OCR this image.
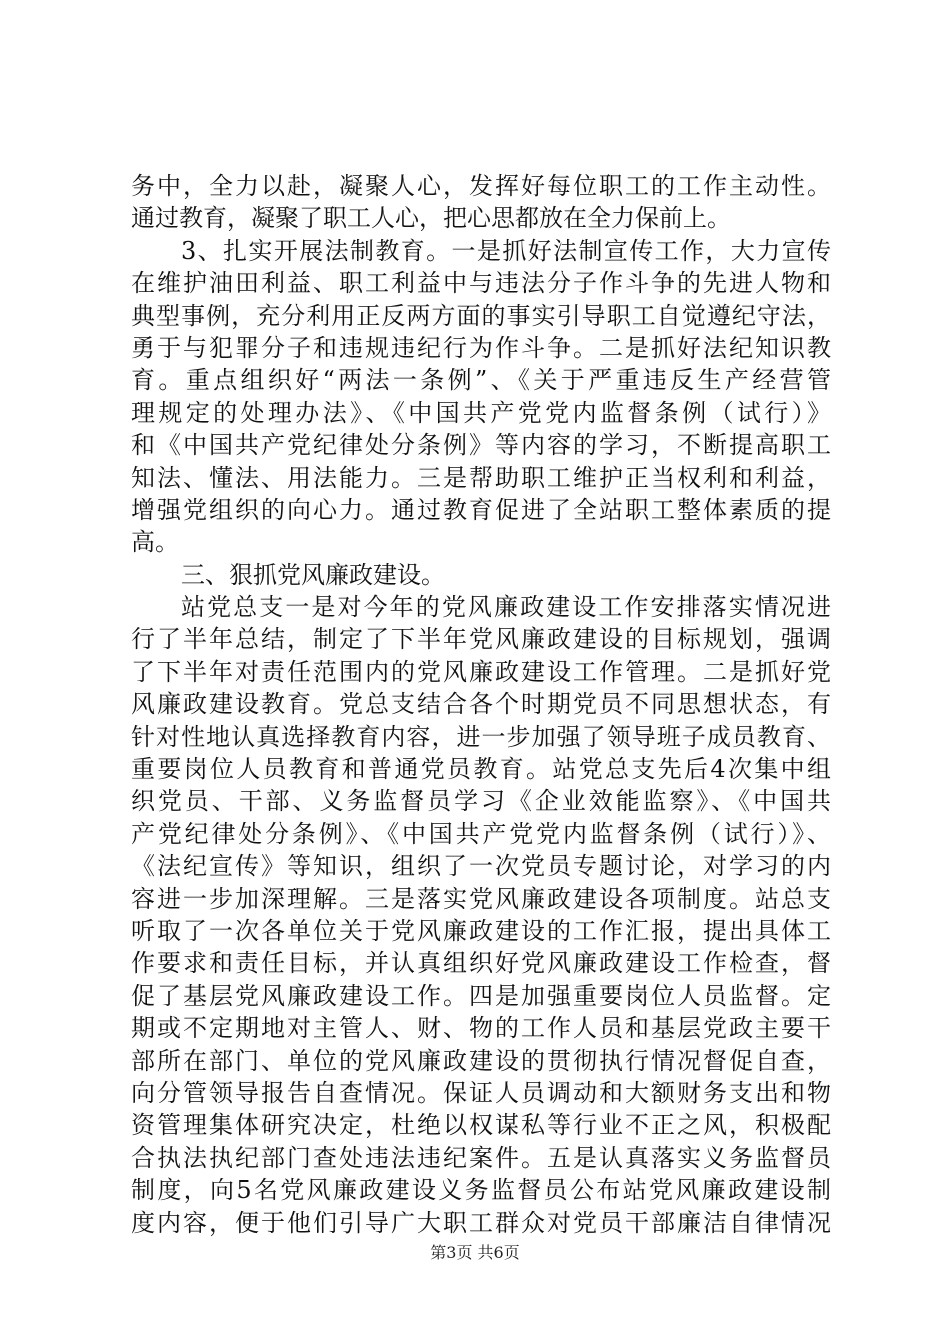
务中，全力以赴，凝聚人心，发挥好每位职工的工作主动性。
通过教育，凝聚了职工人心，把心思都放在全力保前上。
3、扎实开展法制教育。一是抓好法制宣传工作，大力宣传
在维护油田利益、职工利益中与违法分子作斗争的先进人物和
典型事例，充分利用正反两方面的事实引导职工自觉遵纪守法，
勇于与犯罪分子和违规违纪行为作斗争。二是抓好法纪知识教
育。重点组织好“两法一条例”、《关于严重违反生产经营管
理规定的处理办法》、《中国共产党党内监督条例（试行）》
和《中国共产党纪律处分条例》等内容的学习，不断提高职工
知法、懂法、用法能力。三是帮助职工维护正当权利和利益，
增强党组织的向心力。通过教育促进了全站职工整体素质的提
高。
三、狠抓党风廉政建设。
站党总支一是对今年的党风廉政建设工作安排落实情况进
行了半年总结，制定了下半年党风廉政建设的目标规划，强调
了下半年对责任范围内的党风廉政建设工作管理。二是抓好党
风廉政建设教育。党总支结合各个时期党员不同思想状态，有
针对性地认真选择教育内容，进一步加强了领导班子成员教育、
重要岗位人员教育和普通党员教育。站党总支先后4次集中组
织党员、干部、义务监督员学习《企业效能监察》、《中国共
产党纪律处分条例》、《中国共产党党内监督条例（试行）》、
《法纪宣传》等知识，组织了一次党员专题讨论，对学习的内
容进一步加深理解。三是落实党风廉政建设各项制度。站总支
听取了一次各单位关于党风廉政建设的工作汇报，提出具体工
作要求和责任目标，并认真组织好党风廉政建设工作检查，督
促了基层党风廉政建设工作。四是加强重要岗位人员监督。定
期或不定期地对主管人、财、物的工作人员和基层党政主要干
部所在部门、单位的党风廉政建设的贯彻执行情况督促自查，
向分管领导报告自查情况。保证人员调动和大额财务支出和物
资管理集体研究决定，杜绝以权谋私等行业不正之风，积极配
合执法执纪部门查处违法违纪案件。五是认真落实义务监督员
制度，向5名党风廉政建设义务监督员公布站党风廉政建设制
度内容，便于他们引导广大职工群众对党员干部廉洁自律情况
第3页 共6页
